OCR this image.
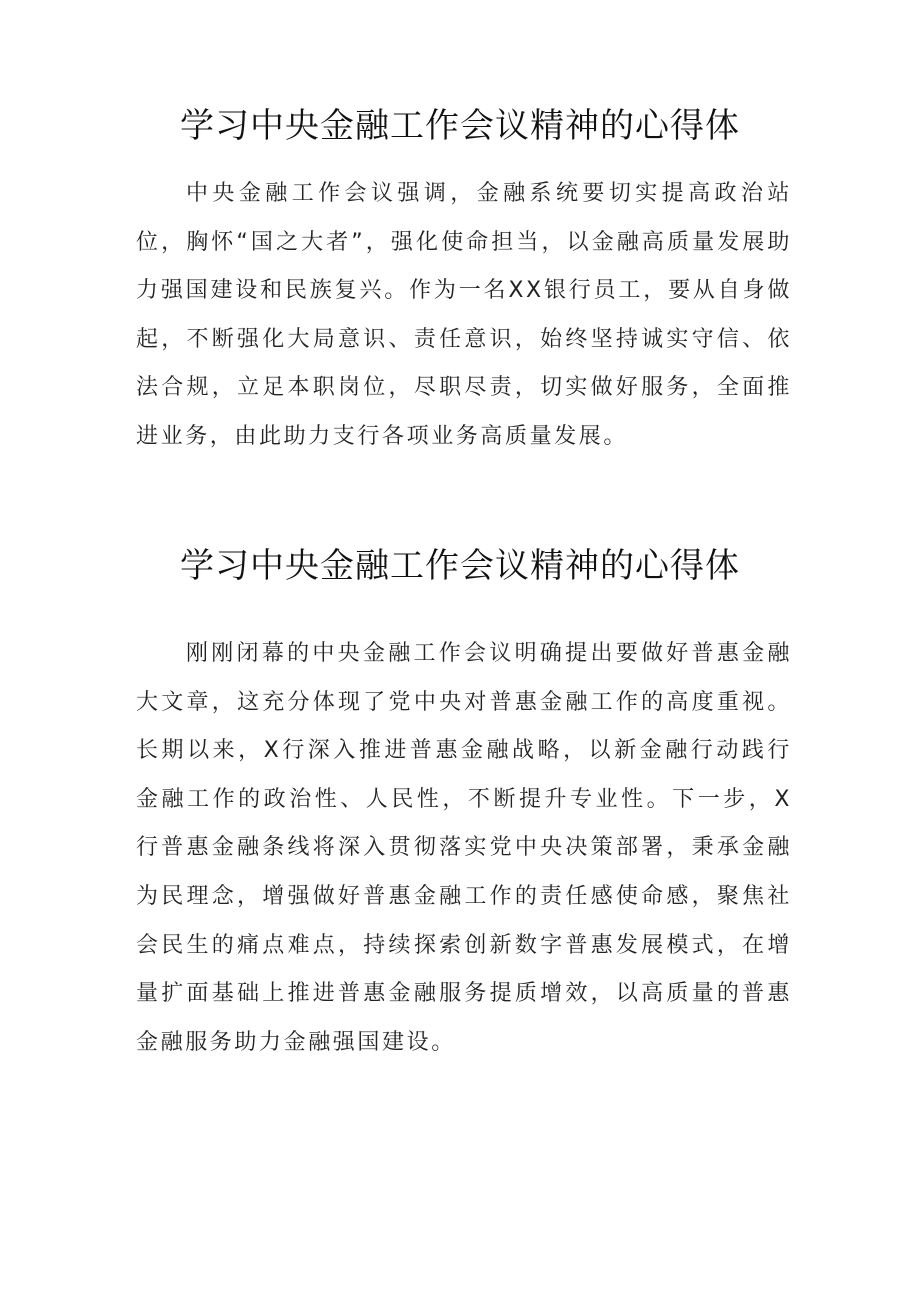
学习中央金融工作会议精神的心得体

中央金融工作会议强调，金融系统要切实提高政治站位，胸怀“国之大者”，强化使命担当，以金融高质量发展助力强国建设和民族复兴。作为一名XX银行员工，要从自身做起，不断强化大局意识、责任意识，始终坚持诚实守信、依法合规，立足本职岗位，尽职尽责，切实做好服务，全面推进业务，由此助力支行各项业务高质量发展。

学习中央金融工作会议精神的心得体

刚刚闭幕的中央金融工作会议明确提出要做好普惠金融大文章，这充分体现了党中央对普惠金融工作的高度重视。长期以来，X行深入推进普惠金融战略，以新金融行动践行金融工作的政治性、人民性，不断提升专业性。下一步，X行普惠金融条线将深入贯彻落实党中央决策部署，秉承金融为民理念，增强做好普惠金融工作的责任感使命感，聚焦社会民生的痛点难点，持续探索创新数字普惠发展模式，在增量扩面基础上推进普惠金融服务提质增效，以高质量的普惠金融服务助力金融强国建设。
